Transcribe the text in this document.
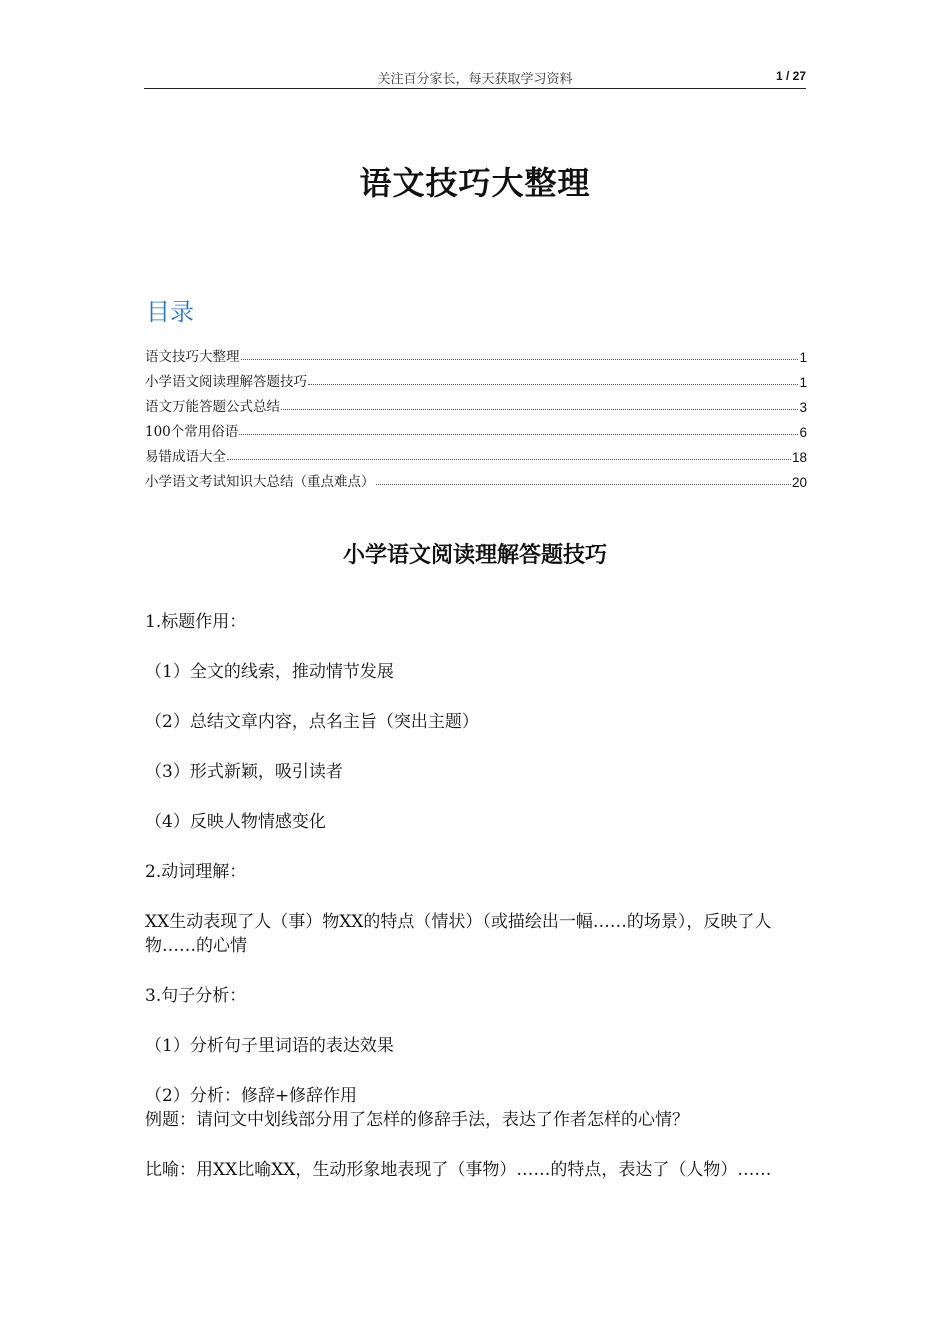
关注百分家长，每天获取学习资料	1 / 27
语文技巧大整理
目录
语文技巧大整理	1
小学语文阅读理解答题技巧	1
语文万能答题公式总结	3
100个常用俗语	6
易错成语大全	18
小学语文考试知识大总结（重点难点）	20
小学语文阅读理解答题技巧
1.标题作用：
（1）全文的线索，推动情节发展
（2）总结文章内容，点名主旨（突出主题）
（3）形式新颖，吸引读者
（4）反映人物情感变化
2.动词理解：
XX生动表现了人（事）物XX的特点（情状）（或描绘出一幅……的场景），反映了人物……的心情
3.句子分析：
（1）分析句子里词语的表达效果
（2）分析：修辞+修辞作用
例题：请问文中划线部分用了怎样的修辞手法，表达了作者怎样的心情？
比喻：用XX比喻XX，生动形象地表现了（事物）……的特点，表达了（人物）……
